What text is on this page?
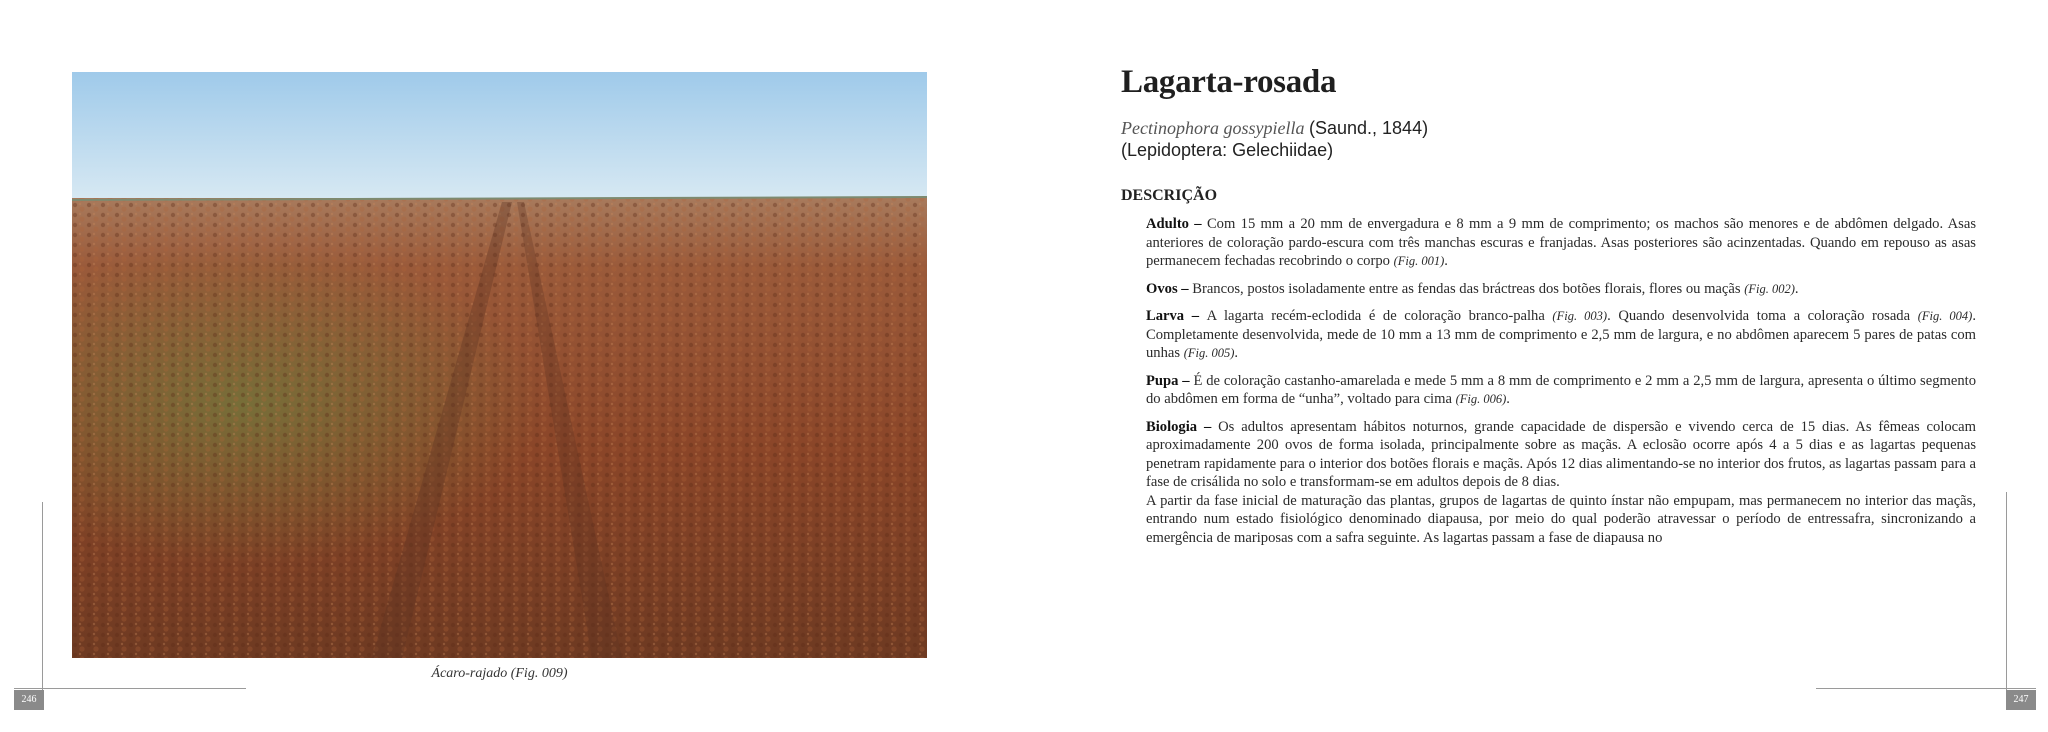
Ácaro-rajado (Fig. 009)
246
Lagarta-rosada
Pectinophora gossypiella (Saund., 1844)
(Lepidoptera: Gelechiidae)
DESCRIÇÃO

Adulto – Com 15 mm a 20 mm de envergadura e 8 mm a 9 mm de comprimento; os machos são menores e de abdômen delgado. Asas anteriores de coloração pardo-escura com três manchas escuras e franjadas. Asas posteriores são acinzentadas. Quando em repouso as asas permanecem fechadas recobrindo o corpo (Fig. 001).

Ovos – Brancos, postos isoladamente entre as fendas das bráctreas dos botões florais, flores ou maçãs (Fig. 002).

Larva – A lagarta recém-eclodida é de coloração branco-palha (Fig. 003). Quando desenvolvida toma a coloração rosada (Fig. 004). Completamente desenvolvida, mede de 10 mm a 13 mm de comprimento e 2,5 mm de largura, e no abdômen aparecem 5 pares de patas com unhas (Fig. 005).

Pupa – É de coloração castanho-amarelada e mede 5 mm a 8 mm de comprimento e 2 mm a 2,5 mm de largura, apresenta o último segmento do abdômen em forma de “unha”, voltado para cima (Fig. 006).

Biologia – Os adultos apresentam hábitos noturnos, grande capacidade de dispersão e vivendo cerca de 15 dias. As fêmeas colocam aproximadamente 200 ovos de forma isolada, principalmente sobre as maçãs. A eclosão ocorre após 4 a 5 dias e as lagartas pequenas penetram rapidamente para o interior dos botões florais e maçãs. Após 12 dias alimentando-se no interior dos frutos, as lagartas passam para a fase de crisálida no solo e transformam-se em adultos depois de 8 dias.

A partir da fase inicial de maturação das plantas, grupos de lagartas de quinto ínstar não empupam, mas permanecem no interior das maçãs, entrando num estado fisiológico denominado diapausa, por meio do qual poderão atravessar o período de entressafra, sincronizando a emergência de mariposas com a safra seguinte. As lagartas passam a fase de diapausa no

247
